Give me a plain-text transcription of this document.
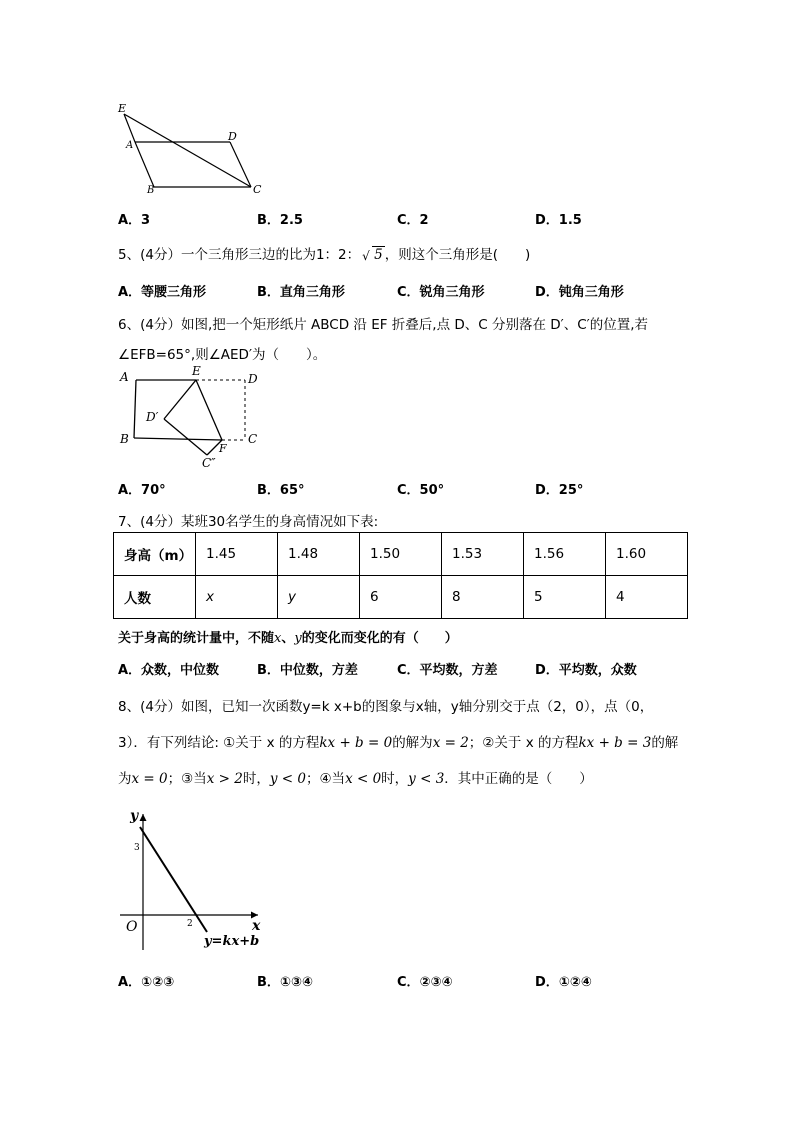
E
A
D
B	C
A．3	B．2.5	C．2	D．1.5
5、(4分）一个三角形三边的比为1：2： √ 5 ，则这个三角形是(　　)
A．等腰三角形	B．直角三角形	C．锐角三角形	D．钝角三角形
6、(4分）如图,把一个矩形纸片 ABCD 沿 EF 折叠后,点 D、C 分别落在 D′、C′的位置,若
∠EFB=65°,则∠AED′为（　　）。
A	E
D
D′
B
F
C
C″
A．70°	B．65°	C．50°	D．25°
7、(4分）某班30名学生的身高情况如下表:
身高（m）	1.45	1.48	1.50	1.53	1.56	1.60
人数	x	y	6	8	5	4
关于身高的统计量中，不随x、y的变化而变化的有（　　）
A．众数，中位数	B．中位数，方差	C．平均数，方差	D．平均数，众数
8、(4分）如图，已知一次函数y=k x+b的图象与x轴，y轴分别交于点（2，0），点（0，
3）．有下列结论: ①关于 x 的方程kx + b = 0的解为x = 2；②关于 x 的方程kx + b = 3的解
为x = 0；③当x > 2时，y < 0；④当x < 0时，y < 3．其中正确的是（　　）
y
x
O
3
2
y=kx+b
A．①②③	B．①③④	C．②③④	D．①②④
